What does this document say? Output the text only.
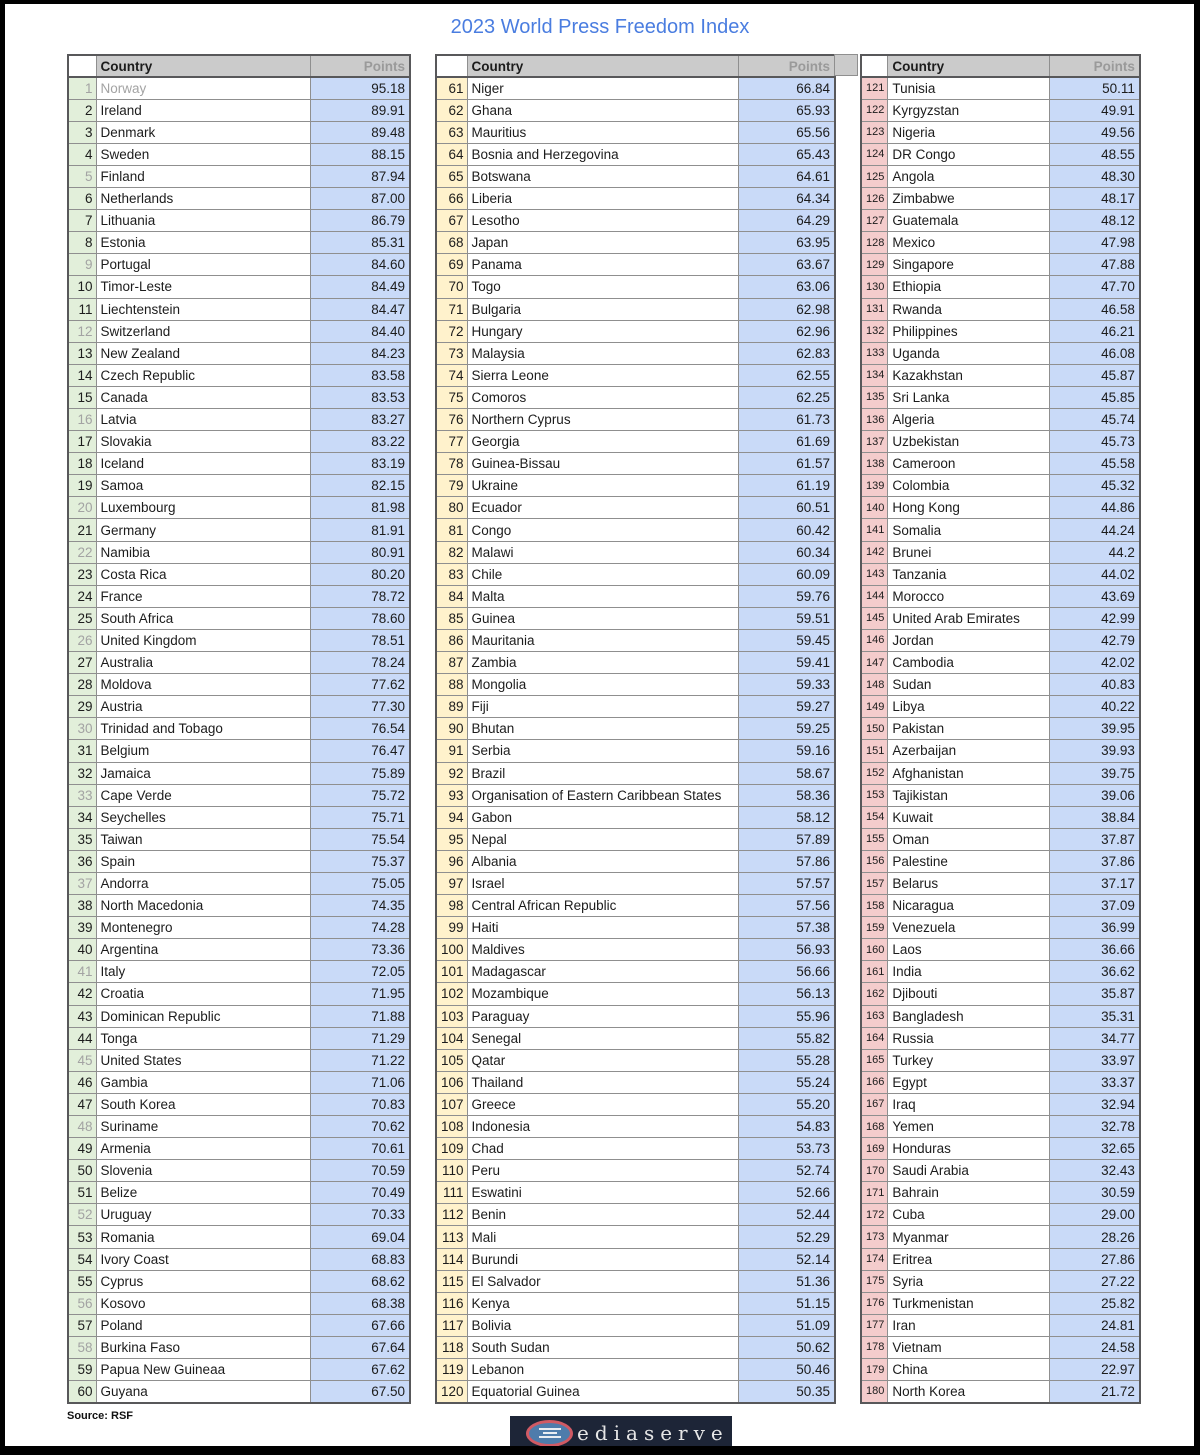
2023 World Press Freedom Index
	Country	Points
1	Norway	95.18
2	Ireland	89.91
3	Denmark	89.48
4	Sweden	88.15
5	Finland	87.94
6	Netherlands	87.00
7	Lithuania	86.79
8	Estonia	85.31
9	Portugal	84.60
10	Timor-Leste	84.49
11	Liechtenstein	84.47
12	Switzerland	84.40
13	New Zealand	84.23
14	Czech Republic	83.58
15	Canada	83.53
16	Latvia	83.27
17	Slovakia	83.22
18	Iceland	83.19
19	Samoa	82.15
20	Luxembourg	81.98
21	Germany	81.91
22	Namibia	80.91
23	Costa Rica	80.20
24	France	78.72
25	South Africa	78.60
26	United Kingdom	78.51
27	Australia	78.24
28	Moldova	77.62
29	Austria	77.30
30	Trinidad and Tobago	76.54
31	Belgium	76.47
32	Jamaica	75.89
33	Cape Verde	75.72
34	Seychelles	75.71
35	Taiwan	75.54
36	Spain	75.37
37	Andorra	75.05
38	North Macedonia	74.35
39	Montenegro	74.28
40	Argentina	73.36
41	Italy	72.05
42	Croatia	71.95
43	Dominican Republic	71.88
44	Tonga	71.29
45	United States	71.22
46	Gambia	71.06
47	South Korea	70.83
48	Suriname	70.62
49	Armenia	70.61
50	Slovenia	70.59
51	Belize	70.49
52	Uruguay	70.33
53	Romania	69.04
54	Ivory Coast	68.83
55	Cyprus	68.62
56	Kosovo	68.38
57	Poland	67.66
58	Burkina Faso	67.64
59	Papua New Guineaa	67.62
60	Guyana	67.50
	Country	Points
61	Niger	66.84
62	Ghana	65.93
63	Mauritius	65.56
64	Bosnia and Herzegovina	65.43
65	Botswana	64.61
66	Liberia	64.34
67	Lesotho	64.29
68	Japan	63.95
69	Panama	63.67
70	Togo	63.06
71	Bulgaria	62.98
72	Hungary	62.96
73	Malaysia	62.83
74	Sierra Leone	62.55
75	Comoros	62.25
76	Northern Cyprus	61.73
77	Georgia	61.69
78	Guinea-Bissau	61.57
79	Ukraine	61.19
80	Ecuador	60.51
81	Congo	60.42
82	Malawi	60.34
83	Chile	60.09
84	Malta	59.76
85	Guinea	59.51
86	Mauritania	59.45
87	Zambia	59.41
88	Mongolia	59.33
89	Fiji	59.27
90	Bhutan	59.25
91	Serbia	59.16
92	Brazil	58.67
93	Organisation of Eastern Caribbean States	58.36
94	Gabon	58.12
95	Nepal	57.89
96	Albania	57.86
97	Israel	57.57
98	Central African Republic	57.56
99	Haiti	57.38
100	Maldives	56.93
101	Madagascar	56.66
102	Mozambique	56.13
103	Paraguay	55.96
104	Senegal	55.82
105	Qatar	55.28
106	Thailand	55.24
107	Greece	55.20
108	Indonesia	54.83
109	Chad	53.73
110	Peru	52.74
111	Eswatini	52.66
112	Benin	52.44
113	Mali	52.29
114	Burundi	52.14
115	El Salvador	51.36
116	Kenya	51.15
117	Bolivia	51.09
118	South Sudan	50.62
119	Lebanon	50.46
120	Equatorial Guinea	50.35
	Country	Points
121	Tunisia	50.11
122	Kyrgyzstan	49.91
123	Nigeria	49.56
124	DR Congo	48.55
125	Angola	48.30
126	Zimbabwe	48.17
127	Guatemala	48.12
128	Mexico	47.98
129	Singapore	47.88
130	Ethiopia	47.70
131	Rwanda	46.58
132	Philippines	46.21
133	Uganda	46.08
134	Kazakhstan	45.87
135	Sri Lanka	45.85
136	Algeria	45.74
137	Uzbekistan	45.73
138	Cameroon	45.58
139	Colombia	45.32
140	Hong Kong	44.86
141	Somalia	44.24
142	Brunei	44.2
143	Tanzania	44.02
144	Morocco	43.69
145	United Arab Emirates	42.99
146	Jordan	42.79
147	Cambodia	42.02
148	Sudan	40.83
149	Libya	40.22
150	Pakistan	39.95
151	Azerbaijan	39.93
152	Afghanistan	39.75
153	Tajikistan	39.06
154	Kuwait	38.84
155	Oman	37.87
156	Palestine	37.86
157	Belarus	37.17
158	Nicaragua	37.09
159	Venezuela	36.99
160	Laos	36.66
161	India	36.62
162	Djibouti	35.87
163	Bangladesh	35.31
164	Russia	34.77
165	Turkey	33.97
166	Egypt	33.37
167	Iraq	32.94
168	Yemen	32.78
169	Honduras	32.65
170	Saudi Arabia	32.43
171	Bahrain	30.59
172	Cuba	29.00
173	Myanmar	28.26
174	Eritrea	27.86
175	Syria	27.22
176	Turkmenistan	25.82
177	Iran	24.81
178	Vietnam	24.58
179	China	22.97
180	North Korea	21.72
Source: RSF
ediaserve
